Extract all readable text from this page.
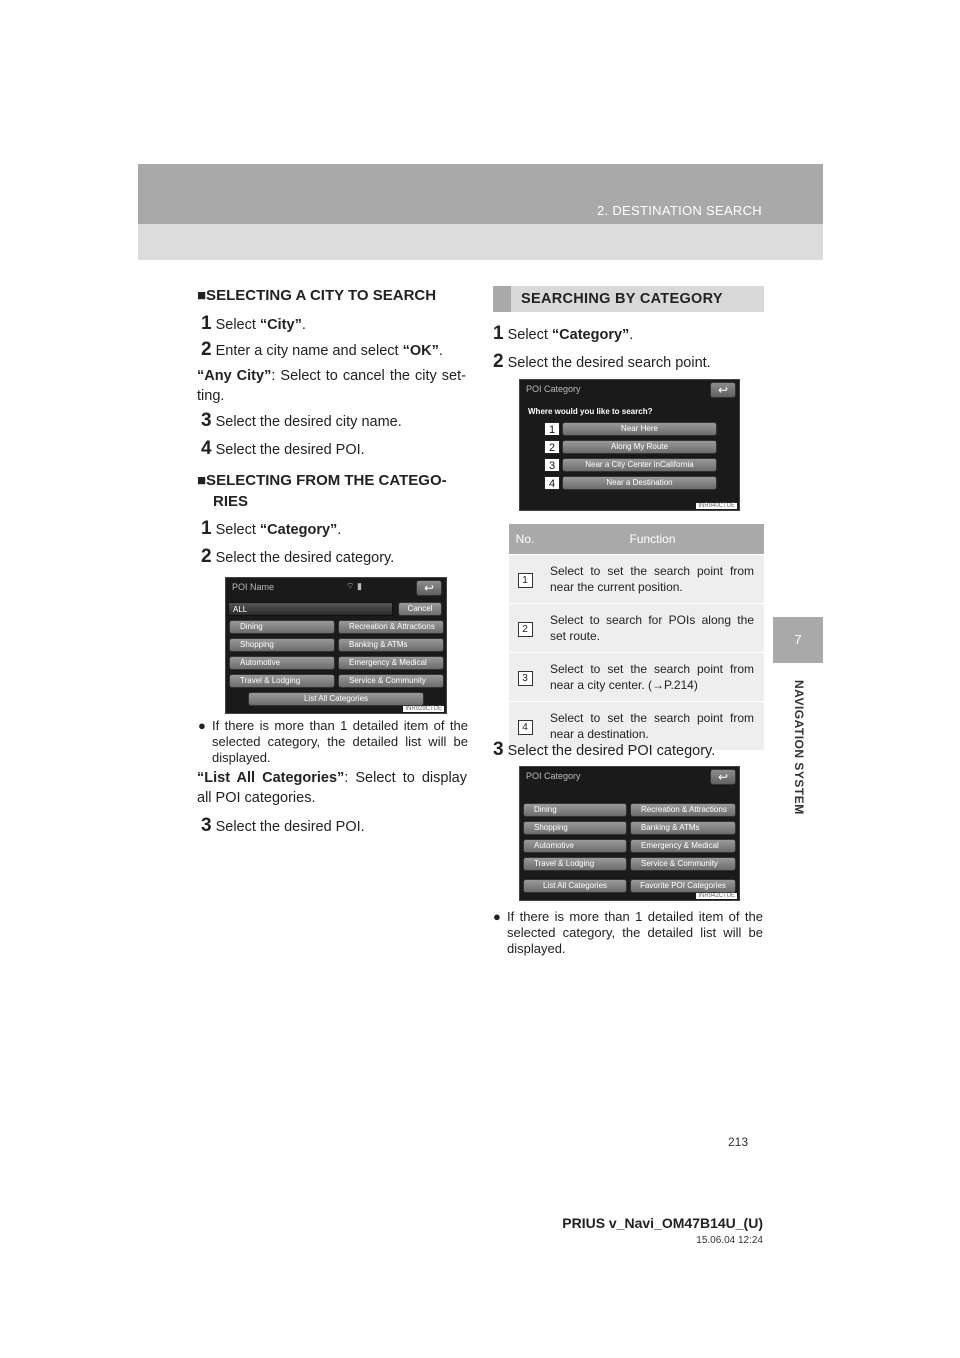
2. DESTINATION SEARCH
7
NAVIGATION SYSTEM
■SELECTING A CITY TO SEARCH
1 Select “City”.
2 Enter a city name and select “OK”.
“Any City”: Select to cancel the city set-ting.
3 Select the desired city name.
4 Select the desired POI.
■SELECTING FROM THE CATEGO-
RIES
1 Select “Category”.
2 Select the desired category.
POI Name	⌔ ▮	↩
ALL	Cancel
Dining	Recreation & Attractions
Shopping	Banking & ATMs
Automotive	Emergency & Medical
Travel & Lodging	Service & Community
List All Categories
INR929CTUE
● If there is more than 1 detailed item of the selected category, the detailed list will be displayed.
“List All Categories”: Select to display all POI categories.
3 Select the desired POI.
SEARCHING BY CATEGORY
1 Select “Category”.
2 Select the desired search point.
POI Category	↩
Where would you like to search?
Near Here
Along My Route
Near a City Center inCalifornia
Near a Destination
1
2
3
4
INR940CTUE
No.	Function
1	Select to set the search point from near the current position.
2	Select to search for POIs along the set route.
3	Select to set the search point from near a city center. (→P.214)
4	Select to set the search point from near a destination.
3 Select the desired POI category.
POI Category	↩
Dining	Recreation & Attractions
Shopping	Banking & ATMs
Automotive	Emergency & Medical
Travel & Lodging	Service & Community
List All Categories	Favorite POI Categories
INR942CTUE
● If there is more than 1 detailed item of the selected category, the detailed list will be displayed.
213
PRIUS v_Navi_OM47B14U_(U)
15.06.04 12:24
